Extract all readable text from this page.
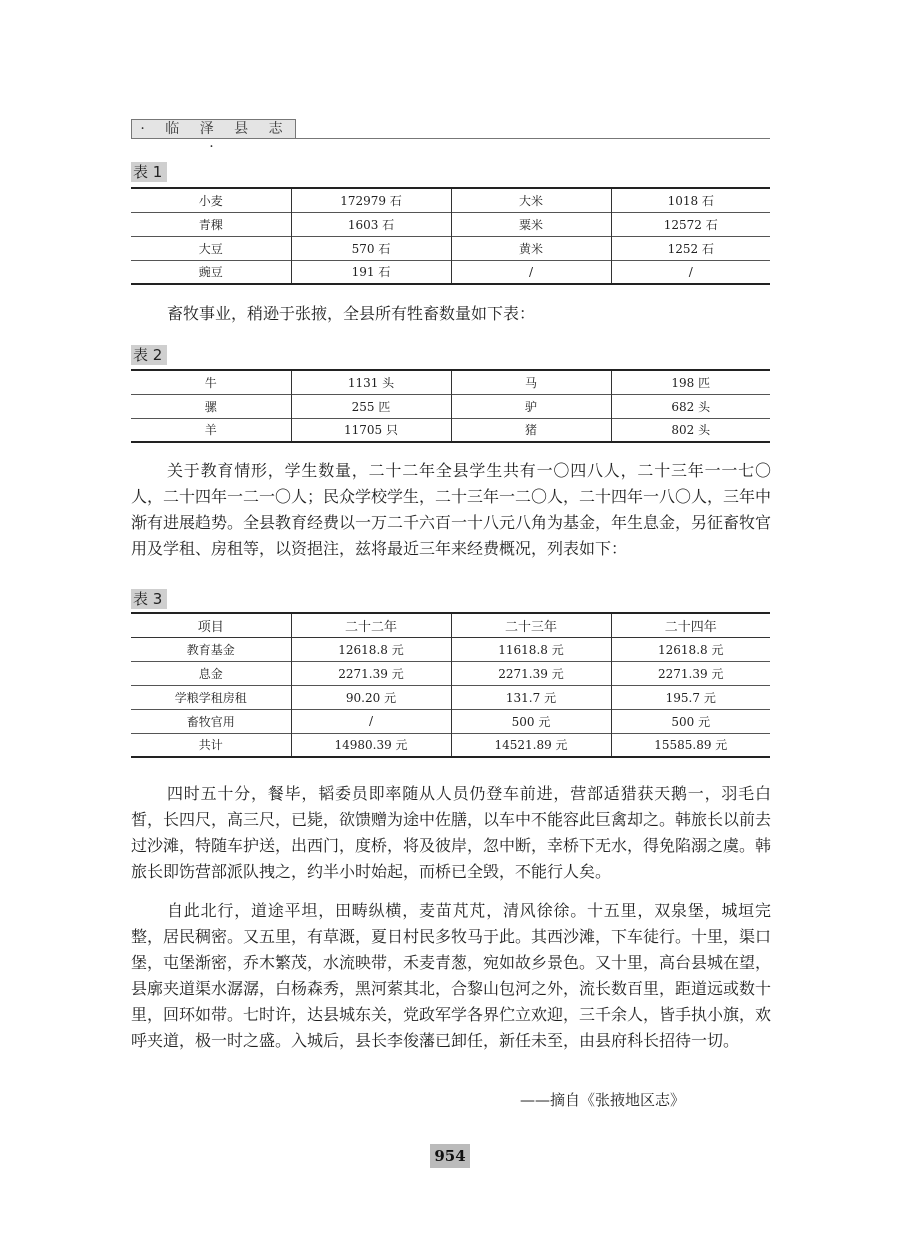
· 临 泽 县 志 ·
表 1
小麦	172979 石	大米	1018 石
青稞	1603 石	粟米	12572 石
大豆	570 石	黄米	1252 石
豌豆	191 石	/	/

畜牧事业，稍逊于张掖，全县所有牲畜数量如下表：

表 2
牛	1131 头	马	198 匹
骡	255 匹	驴	682 头
羊	11705 只	猪	802 头

关于教育情形，学生数量，二十二年全县学生共有一〇四八人，二十三年一一七〇人，二十四年一二一〇人；民众学校学生，二十三年一二〇人，二十四年一八〇人，三年中渐有进展趋势。全县教育经费以一万二千六百一十八元八角为基金，年生息金，另征畜牧官用及学租、房租等，以资挹注，兹将最近三年来经费概况，列表如下：

表 3
项目	二十二年	二十三年	二十四年
教育基金	12618.8 元	11618.8 元	12618.8 元
息金	2271.39 元	2271.39 元	2271.39 元
学粮学租房租	90.20 元	131.7 元	195.7 元
畜牧官用	/	500 元	500 元
共计	14980.39 元	14521.89 元	15585.89 元

四时五十分，餐毕，韬委员即率随从人员仍登车前进，营部适猎获天鹅一，羽毛白皙，长四尺，高三尺，已毙，欲馈赠为途中佐膳，以车中不能容此巨禽却之。韩旅长以前去过沙滩，特随车护送，出西门，度桥，将及彼岸，忽中断，幸桥下无水，得免陷溺之虞。韩旅长即饬营部派队拽之，约半小时始起，而桥已全毁，不能行人矣。

自此北行，道途平坦，田畴纵横，麦苗芃芃，清风徐徐。十五里，双泉堡，城垣完整，居民稠密。又五里，有草溉，夏日村民多牧马于此。其西沙滩，下车徒行。十里，渠口堡，屯堡渐密，乔木繁茂，水流映带，禾麦青葱，宛如故乡景色。又十里，高台县城在望，县廓夹道渠水潺潺，白杨森秀，黑河萦其北，合黎山包河之外，流长数百里，距道远或数十里，回环如带。七时许，达县城东关，党政军学各界伫立欢迎，三千余人，皆手执小旗，欢呼夹道，极一时之盛。入城后，县长李俊藩已卸任，新任未至，由县府科长招待一切。

——摘自《张掖地区志》
954
